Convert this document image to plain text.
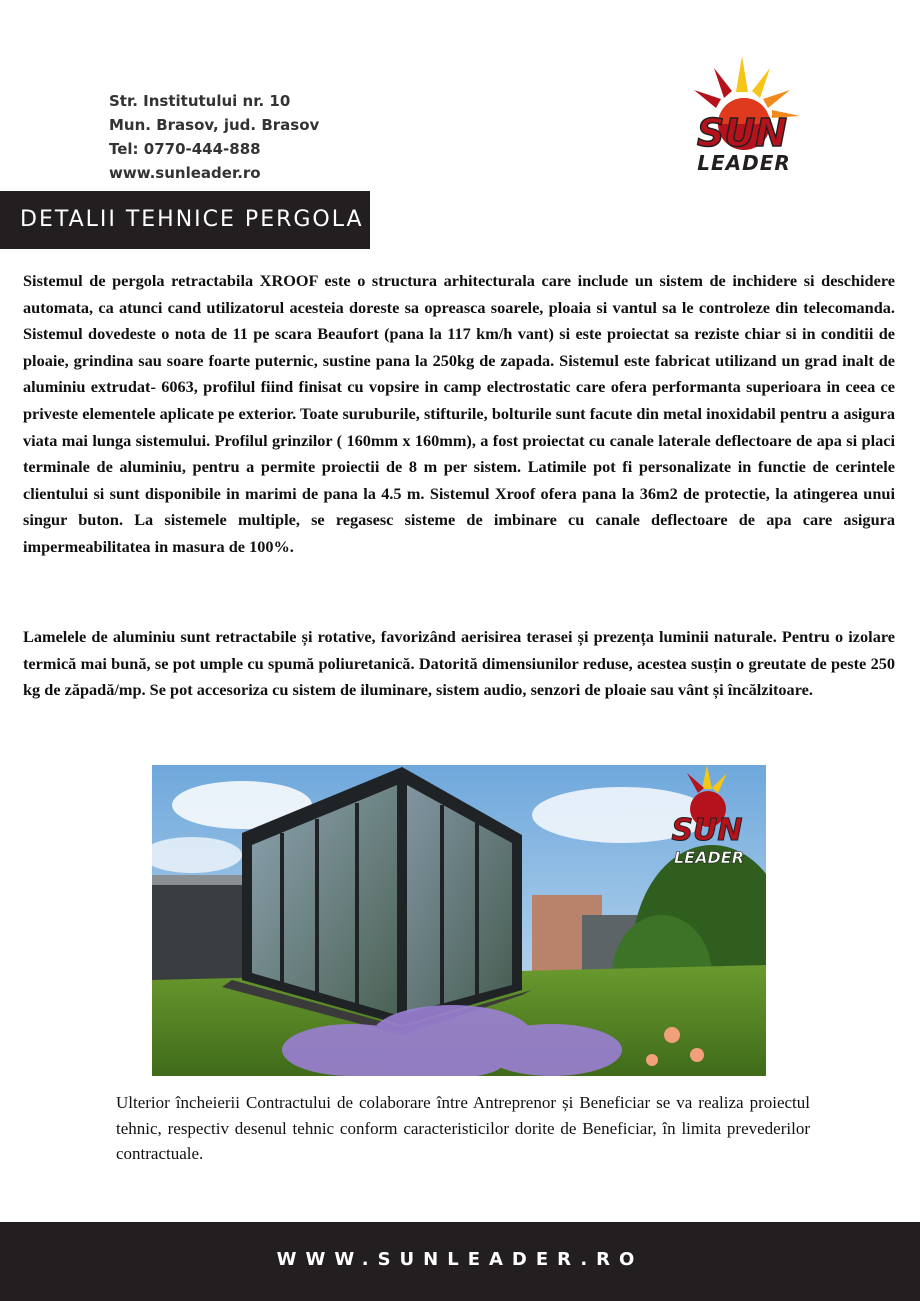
Str. Institutului nr. 10
Mun. Brasov, jud. Brasov
Tel: 0770-444-888
www.sunleader.ro
SUN
LEADER
DETALII TEHNICE PERGOLA

Sistemul de pergola retractabila XROOF este o structura arhitecturala care include un sistem de inchidere si deschidere automata, ca atunci cand utilizatorul acesteia doreste sa opreasca soarele, ploaia si vantul sa le controleze din telecomanda. Sistemul dovedeste o nota de 11 pe scara Beaufort (pana la 117 km/h vant) si este proiectat sa reziste chiar si in conditii de ploaie, grindina sau soare foarte puternic, sustine pana la 250kg de zapada. Sistemul este fabricat utilizand un grad inalt de aluminiu extrudat- 6063, profilul fiind finisat cu vopsire in camp electrostatic care ofera performanta superioara in ceea ce priveste elementele aplicate pe exterior. Toate suruburile, stifturile, bolturile sunt facute din metal inoxidabil pentru a asigura viata mai lunga sistemului. Profilul grinzilor ( 160mm x 160mm), a fost proiectat cu canale laterale deflectoare de apa si placi terminale de aluminiu, pentru a permite proiectii de 8 m per sistem. Latimile pot fi personalizate in functie de cerintele clientului si sunt disponibile in marimi de pana la 4.5 m. Sistemul Xroof ofera pana la 36m2 de protectie, la atingerea unui singur buton. La sistemele multiple, se regasesc sisteme de imbinare cu canale deflectoare de apa care asigura impermeabilitatea in masura de 100%.

Lamelele de aluminiu sunt retractabile și rotative, favorizând aerisirea terasei și prezența luminii naturale. Pentru o izolare termică mai bună, se pot umple cu spumă poliuretanică. Datorită dimensiunilor reduse, acestea susțin o greutate de peste 250 kg de zăpadă/mp. Se pot accesoriza cu sistem de iluminare, sistem audio, senzori de ploaie sau vânt și încălzitoare.

SUN
LEADER

Ulterior încheierii Contractului de colaborare între Antreprenor și Beneficiar se va realiza proiectul tehnic, respectiv desenul tehnic conform caracteristicilor dorite de Beneficiar, în limita prevederilor contractuale.

WWW.SUNLEADER.RO
